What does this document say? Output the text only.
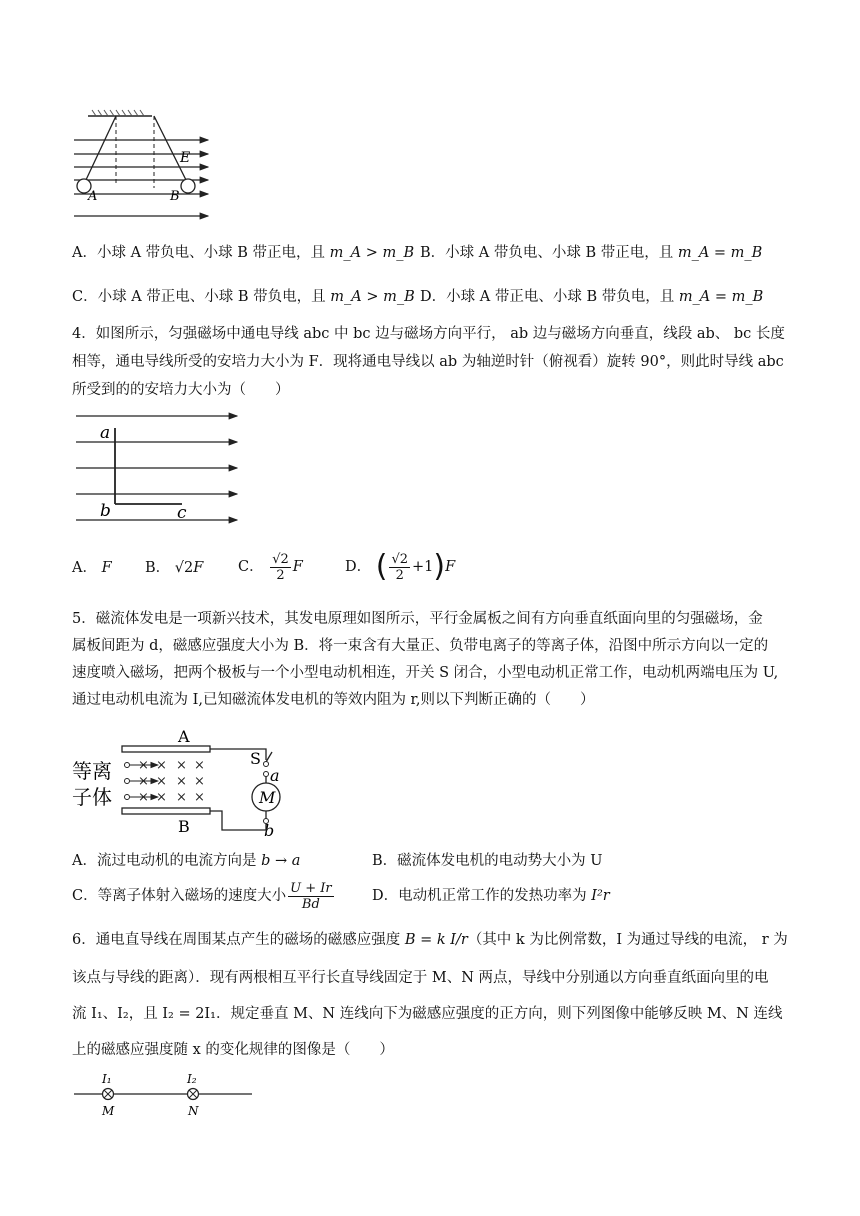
E
A	B
A．小球 A 带负电、小球 B 带正电，且 m_A > m_B B．小球 A 带负电、小球 B 带正电，且 m_A = m_B
C．小球 A 带正电、小球 B 带负电，且 m_A > m_B D．小球 A 带正电、小球 B 带负电，且 m_A = m_B
4．如图所示，匀强磁场中通电导线 abc 中 bc 边与磁场方向平行， ab 边与磁场方向垂直，线段 ab、 bc 长度
相等，通电导线所受的安培力大小为 F．现将通电导线以 ab 为轴逆时针（俯视看）旋转 90°，则此时导线 abc
所受到的的安培力大小为（　　）
a
b	c
A． F B． √2F C． $\frac{√2}{2}$ F	D． ( $\frac{√2}{2} +1)F$
5．磁流体发电是一项新兴技术，其发电原理如图所示，平行金属板之间有方向垂直纸面向里的匀强磁场，金
属板间距为 d，磁感应强度大小为 B．将一束含有大量正、负带电离子的等离子体，沿图中所示方向以一定的
速度喷入磁场，把两个极板与一个小型电动机相连，开关 S 闭合，小型电动机正常工作，电动机两端电压为 U,
通过电动机电流为 I,已知磁流体发电机的等效内阻为 r,则以下判断正确的（　　）
等离
子体
A
B
× × × ×
× × × ×
× × × ×
S
a
M
b
A．流过电动机的电流方向是 b → a	B．磁流体发电机的电动势大小为 U
C．等离子体射入磁场的速度大小 $\frac{U + Ir}{Bd}$	D．电动机正常工作的发热功率为 I²r
6．通电直导线在周围某点产生的磁场的磁感应强度 B = k I/r（其中 k 为比例常数，I 为通过导线的电流， r 为
该点与导线的距离）．现有两根相互平行长直导线固定于 M、N 两点，导线中分别通以方向垂直纸面向里的电
流 I₁、I₂，且 I₂ = 2I₁．规定垂直 M、N 连线向下为磁感应强度的正方向，则下列图像中能够反映 M、N 连线
上的磁感应强度随 x 的变化规律的图像是（　　）
I₁	I₂
M	N
